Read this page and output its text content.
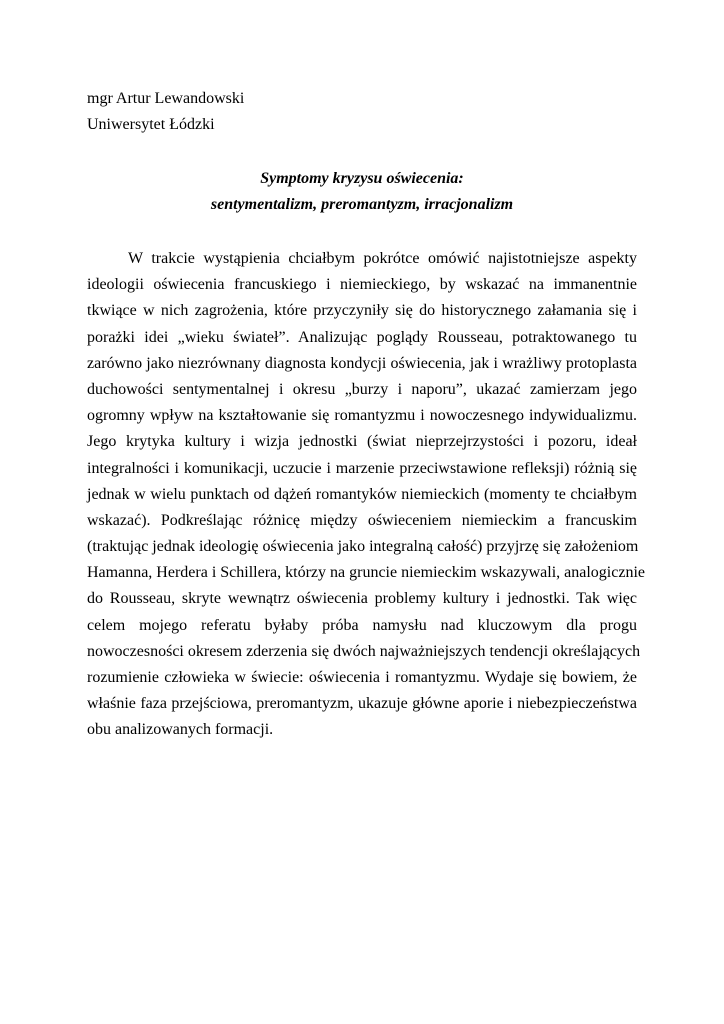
mgr Artur Lewandowski
Uniwersytet Łódzki
Symptomy kryzysu oświecenia:
sentymentalizm, preromantyzm, irracjonalizm
W trakcie wystąpienia chciałbym pokrótce omówić najistotniejsze aspekty
ideologii oświecenia francuskiego i niemieckiego, by wskazać na immanentnie
tkwiące w nich zagrożenia, które przyczyniły się do historycznego załamania się i
porażki idei „wieku świateł”. Analizując poglądy Rousseau, potraktowanego tu
zarówno jako niezrównany diagnosta kondycji oświecenia, jak i wrażliwy protoplasta
duchowości sentymentalnej i okresu „burzy i naporu”, ukazać zamierzam jego
ogromny wpływ na kształtowanie się romantyzmu i nowoczesnego indywidualizmu.
Jego krytyka kultury i wizja jednostki (świat nieprzejrzystości i pozoru, ideał
integralności i komunikacji, uczucie i marzenie przeciwstawione refleksji) różnią się
jednak w wielu punktach od dążeń romantyków niemieckich (momenty te chciałbym
wskazać). Podkreślając różnicę między oświeceniem niemieckim a francuskim
(traktując jednak ideologię oświecenia jako integralną całość) przyjrzę się założeniom
Hamanna, Herdera i Schillera, którzy na gruncie niemieckim wskazywali, analogicznie
do Rousseau, skryte wewnątrz oświecenia problemy kultury i jednostki. Tak więc
celem mojego referatu byłaby próba namysłu nad kluczowym dla progu
nowoczesności okresem zderzenia się dwóch najważniejszych tendencji określających
rozumienie człowieka w świecie: oświecenia i romantyzmu. Wydaje się bowiem, że
właśnie faza przejściowa, preromantyzm, ukazuje główne aporie i niebezpieczeństwa
obu analizowanych formacji.
